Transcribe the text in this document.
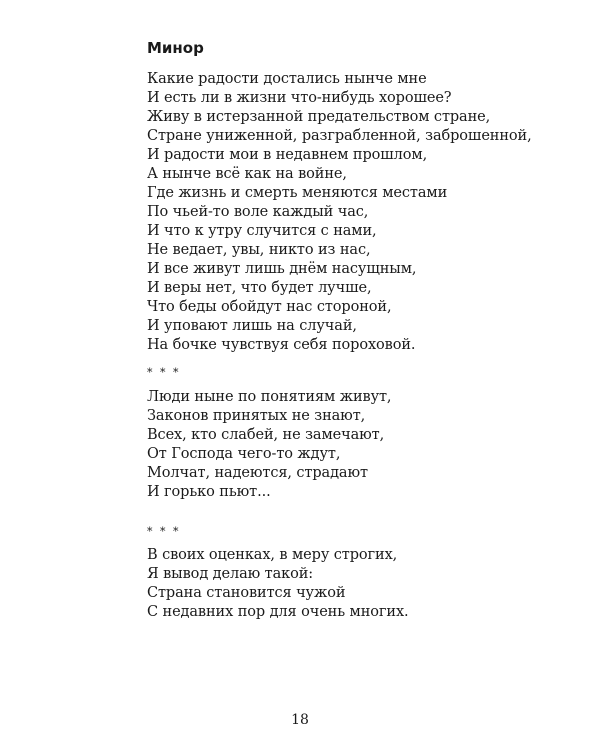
Минор
Какие радости достались нынче мне
И есть ли в жизни что-нибудь хорошее?
Живу в истерзанной предательством стране,
Стране униженной, разграбленной, заброшенной,
И радости мои в недавнем прошлом,
А нынче всё как на войне,
Где жизнь и смерть меняются местами
По чьей-то воле каждый час,
И что к утру случится с нами,
Не ведает, увы, никто из нас,
И все живут лишь днём насущным,
И веры нет, что будет лучше,
Что беды обойдут нас стороной,
И уповают лишь на случай,
На бочке чувствуя себя пороховой.

* * *

Люди ныне по понятиям живут,
Законов принятых не знают,
Всех, кто слабей, не замечают,
От Господа чего-то ждут,
Молчат, надеются, страдают
И горько пьют...

* * *

В своих оценках, в меру строгих,
Я вывод делаю такой:
Страна становится чужой
С недавних пор для очень многих.
18
